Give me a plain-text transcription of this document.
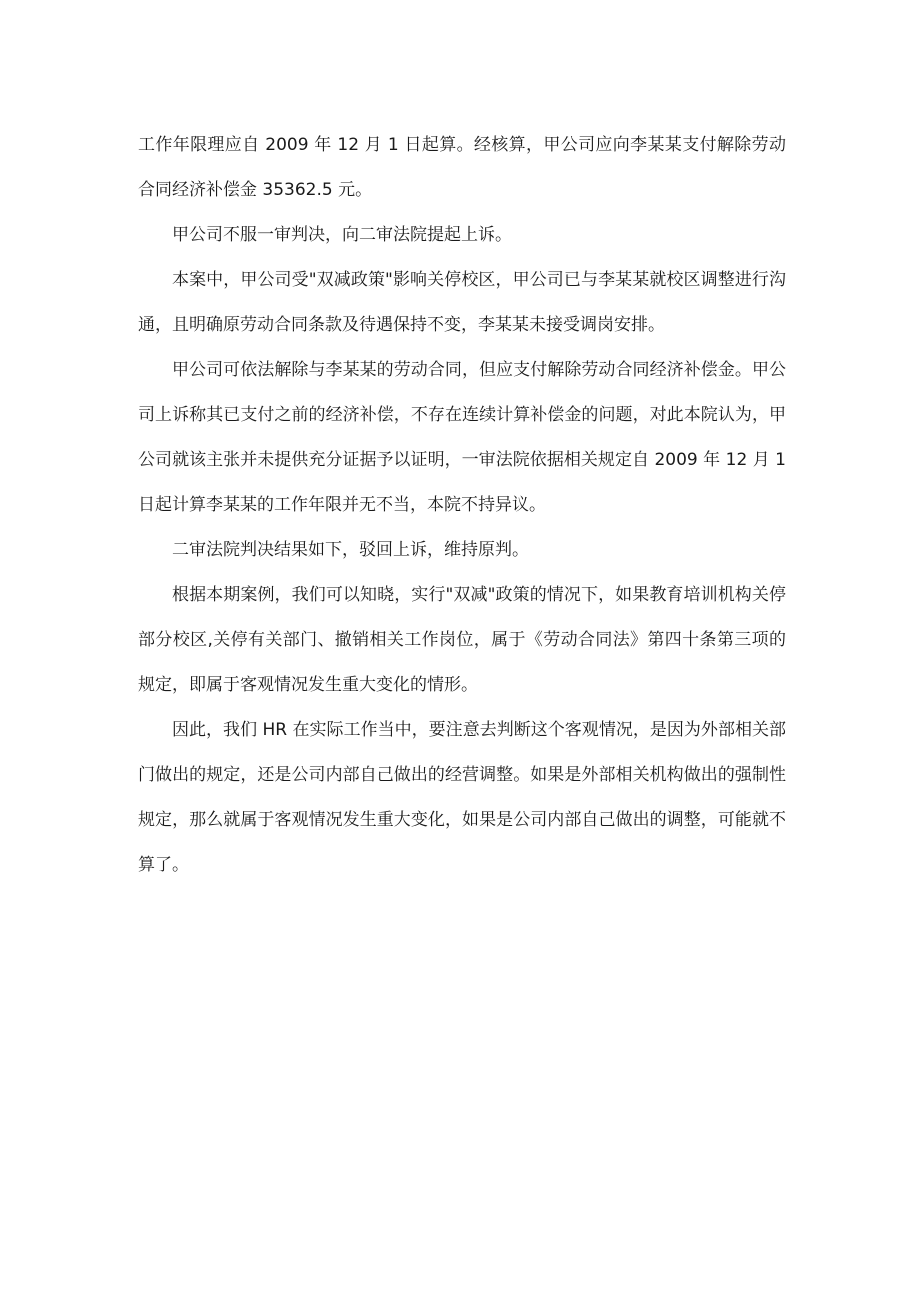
工作年限理应自 2009 年 12 月 1 日起算。经核算，甲公司应向李某某支付解除劳动合同经济补偿金 35362.5 元。

甲公司不服一审判决，向二审法院提起上诉。

本案中，甲公司受"双减政策"影响关停校区，甲公司已与李某某就校区调整进行沟通，且明确原劳动合同条款及待遇保持不变，李某某未接受调岗安排。

甲公司可依法解除与李某某的劳动合同，但应支付解除劳动合同经济补偿金。甲公司上诉称其已支付之前的经济补偿，不存在连续计算补偿金的问题，对此本院认为，甲公司就该主张并未提供充分证据予以证明，一审法院依据相关规定自 2009 年 12 月 1 日起计算李某某的工作年限并无不当，本院不持异议。

二审法院判决结果如下，驳回上诉，维持原判。

根据本期案例，我们可以知晓，实行"双减"政策的情况下，如果教育培训机构关停部分校区,关停有关部门、撤销相关工作岗位，属于《劳动合同法》第四十条第三项的规定，即属于客观情况发生重大变化的情形。

因此，我们 HR 在实际工作当中，要注意去判断这个客观情况，是因为外部相关部门做出的规定，还是公司内部自己做出的经营调整。如果是外部相关机构做出的强制性规定，那么就属于客观情况发生重大变化，如果是公司内部自己做出的调整，可能就不算了。
